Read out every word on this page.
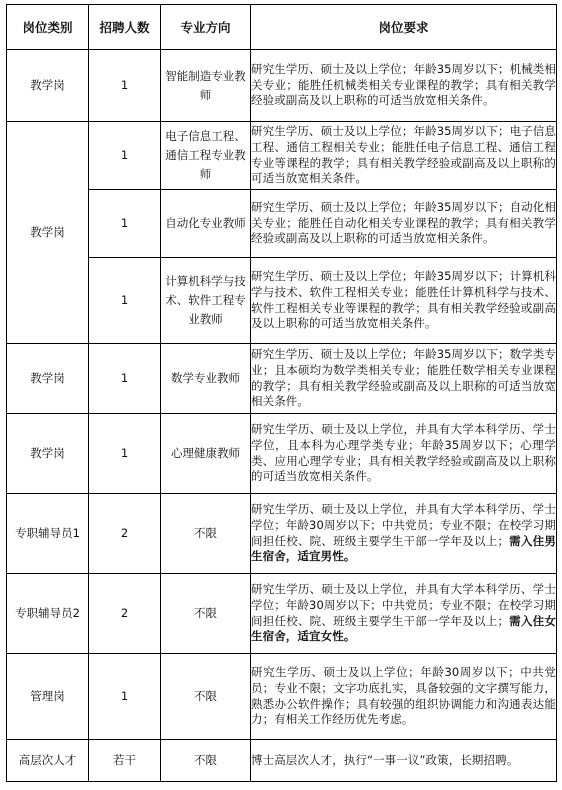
岗位类别	招聘人数	专业方向	岗位要求
教学岗	1	智能制造专业教师	研究生学历、硕士及以上学位；年龄35周岁以下；机械类相关专业；能胜任机械类相关专业课程的教学；具有相关教学经验或副高及以上职称的可适当放宽相关条件。
教学岗	1	电子信息工程、通信工程专业教师	研究生学历、硕士及以上学位；年龄35周岁以下；电子信息工程、通信工程相关专业；能胜任电子信息工程、通信工程专业等课程的教学；具有相关教学经验或副高及以上职称的可适当放宽相关条件。
	1	自动化专业教师	研究生学历、硕士及以上学位；年龄35周岁以下；自动化相关专业；能胜任自动化相关专业课程的教学；具有相关教学经验或副高及以上职称的可适当放宽相关条件。
	1	计算机科学与技术、软件工程专业教师	研究生学历、硕士及以上学位；年龄35周岁以下；计算机科学与技术、软件工程相关专业；能胜任计算机科学与技术、软件工程相关专业等课程的教学；具有相关教学经验或副高及以上职称的可适当放宽相关条件。
教学岗	1	数学专业教师	研究生学历、硕士及以上学位；年龄35周岁以下；数学类专业；且本硕均为数学类相关专业；能胜任数学相关专业课程的教学；具有相关教学经验或副高及以上职称的可适当放宽相关条件。
教学岗	1	心理健康教师	研究生学历、硕士及以上学位，并具有大学本科学历、学士学位，且本科为心理学类专业；年龄35周岁以下；心理学类、应用心理学专业；具有相关教学经验或副高及以上职称的可适当放宽相关条件。
专职辅导员1	2	不限	研究生学历、硕士及以上学位，并具有大学本科学历、学士学位；年龄30周岁以下；中共党员；专业不限；在校学习期间担任校、院、班级主要学生干部一学年及以上；需入住男生宿舍，适宜男性。
专职辅导员2	2	不限	研究生学历、硕士及以上学位，并具有大学本科学历、学士学位；年龄30周岁以下；中共党员；专业不限；在校学习期间担任校、院、班级主要学生干部一学年及以上；需入住女生宿舍，适宜女性。
管理岗	1	不限	研究生学历、硕士及以上学位；年龄30周岁以下；中共党员；专业不限；文字功底扎实，具备较强的文字撰写能力，熟悉办公软件操作；具有较强的组织协调能力和沟通表达能力；有相关工作经历优先考虑。
高层次人才	若干	不限	博士高层次人才，执行“一事一议”政策，长期招聘。
